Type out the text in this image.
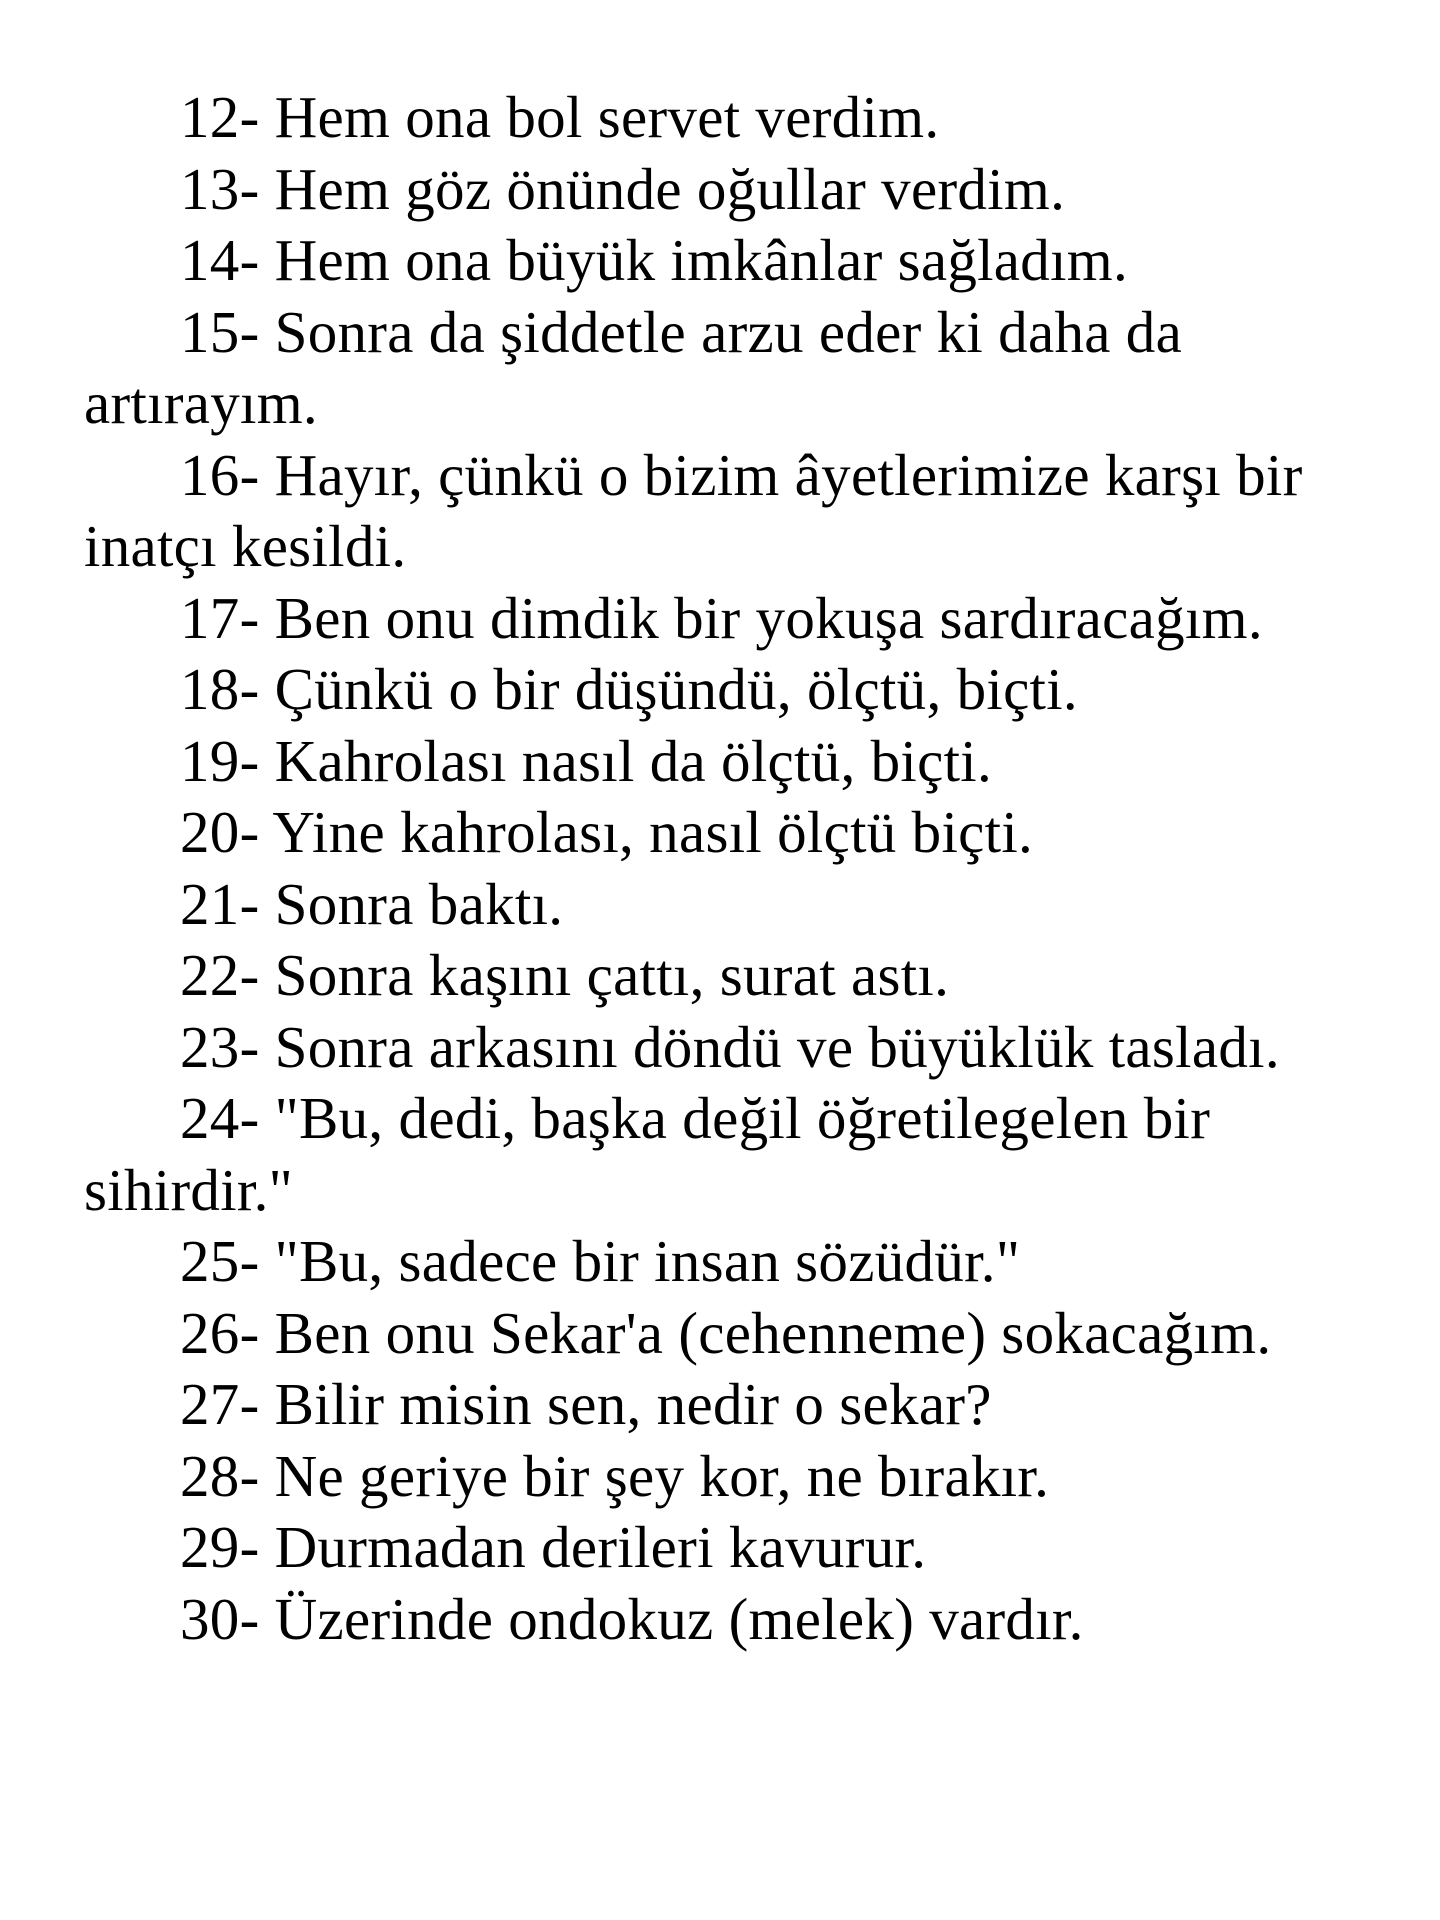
12- Hem ona bol servet verdim.

13- Hem göz önünde oğullar verdim.

14- Hem ona büyük imkânlar sağladım.

15- Sonra da şiddetle arzu eder ki daha da artırayım.

16- Hayır, çünkü o bizim âyetlerimize karşı bir inatçı kesildi.

17- Ben onu dimdik bir yokuşa sardıracağım.

18- Çünkü o bir düşündü, ölçtü, biçti.

19- Kahrolası nasıl da ölçtü, biçti.

20- Yine kahrolası, nasıl ölçtü biçti.

21- Sonra baktı.

22- Sonra kaşını çattı, surat astı.

23- Sonra arkasını döndü ve büyüklük tasladı.

24- "Bu, dedi, başka değil öğretilegelen bir sihirdir."

25- "Bu, sadece bir insan sözüdür."

26- Ben onu Sekar'a (cehenneme) sokacağım.

27- Bilir misin sen, nedir o sekar?

28- Ne geriye bir şey kor, ne bırakır.

29- Durmadan derileri kavurur.

30- Üzerinde ondokuz (melek) vardır.
